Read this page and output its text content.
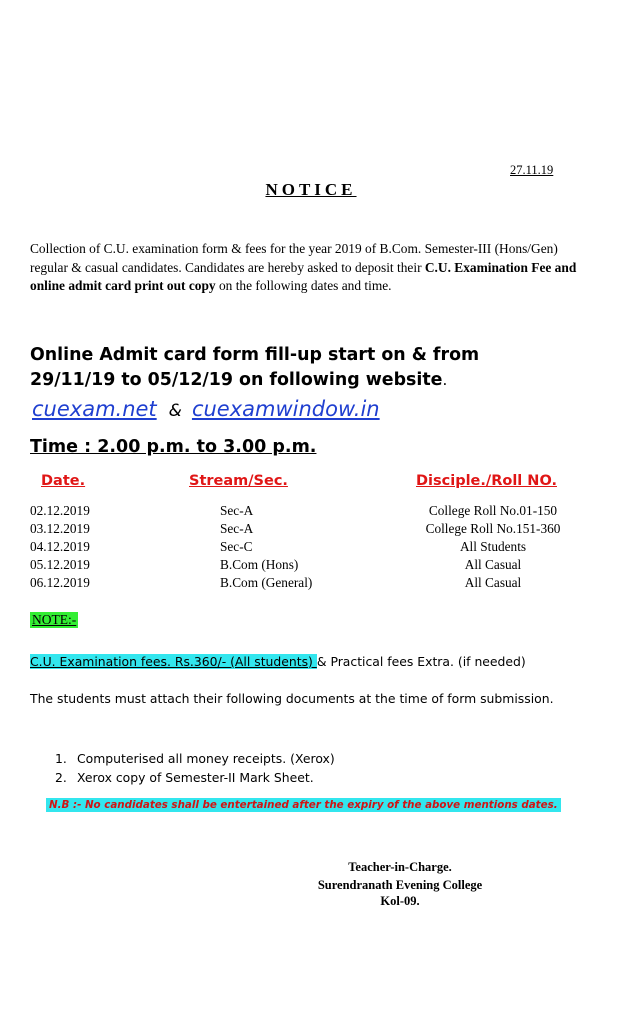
27.11.19
NOTICE
Collection of C.U. examination form & fees for the year 2019 of B.Com. Semester-III (Hons/Gen) regular & casual candidates. Candidates are hereby asked to deposit their C.U. Examination Fee and online admit card print out copy on the following dates and time.
Online Admit card form fill-up start on & from
29/11/19 to 05/12/19 on following website.
cuexam.net & cuexamwindow.in
Time : 2.00 p.m. to 3.00 p.m.
Date.	Stream/Sec.	Disciple./Roll NO.
02.12.2019	Sec-A	College Roll No.01-150
03.12.2019	Sec-A	College Roll No.151-360
04.12.2019	Sec-C	All Students
05.12.2019	B.Com (Hons)	All Casual
06.12.2019	B.Com (General)	All Casual
NOTE:-
C.U. Examination fees. Rs.360/- (All students) & Practical fees Extra. (if needed)
The students must attach their following documents at the time of form submission.
1. Computerised all money receipts. (Xerox)
2. Xerox copy of Semester-II Mark Sheet.
N.B :- No candidates shall be entertained after the expiry of the above mentions dates.
Teacher-in-Charge.
Surendranath Evening College
Kol-09.
